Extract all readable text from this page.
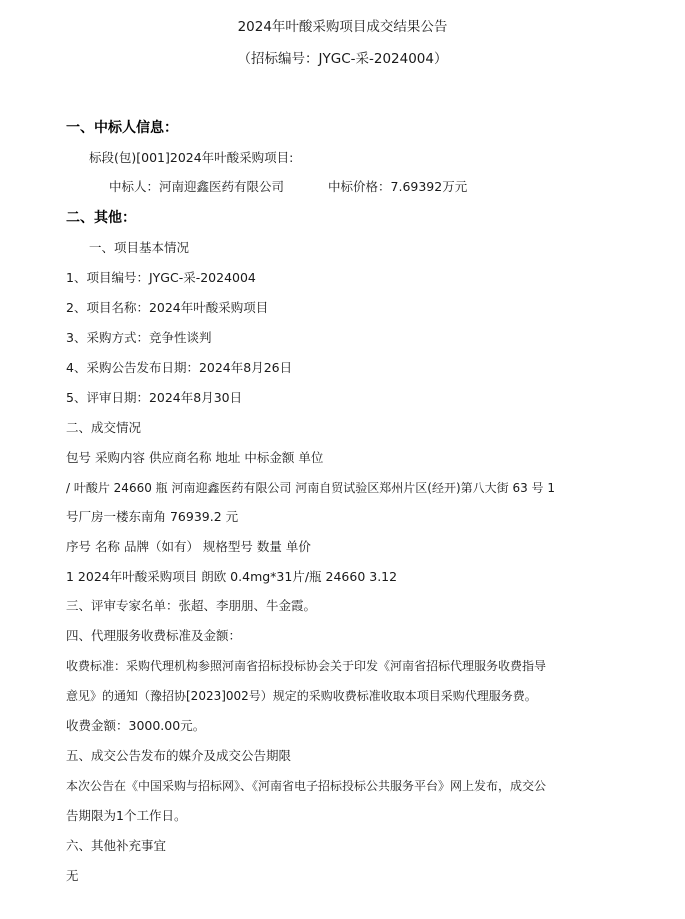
2024年叶酸采购项目成交结果公告
（招标编号：JYGC-采-2024004）
一、中标人信息：
标段(包)[001]2024年叶酸采购项目:
中标人：河南迎鑫医药有限公司	中标价格：7.69392万元
二、其他：
一、项目基本情况
1、项目编号：JYGC-采-2024004
2、项目名称：2024年叶酸采购项目
3、采购方式：竞争性谈判
4、采购公告发布日期：2024年8月26日
5、评审日期：2024年8月30日
二、成交情况
包号 采购内容 供应商名称 地址 中标金额 单位
/ 叶酸片 24660 瓶 河南迎鑫医药有限公司 河南自贸试验区郑州片区(经开)第八大街 63 号 1
号厂房一楼东南角 76939.2 元
序号 名称 品牌（如有） 规格型号 数量 单价
1 2024年叶酸采购项目 朗欧 0.4mg*31片/瓶 24660 3.12
三、评审专家名单：张超、李朋朋、牛金霞。
四、代理服务收费标准及金额：
收费标准：采购代理机构参照河南省招标投标协会关于印发《河南省招标代理服务收费指导
意见》的通知（豫招协[2023]002号）规定的采购收费标准收取本项目采购代理服务费。
收费金额：3000.00元。
五、成交公告发布的媒介及成交公告期限
本次公告在《中国采购与招标网》、《河南省电子招标投标公共服务平台》网上发布，成交公
告期限为1个工作日。
六、其他补充事宜
无
